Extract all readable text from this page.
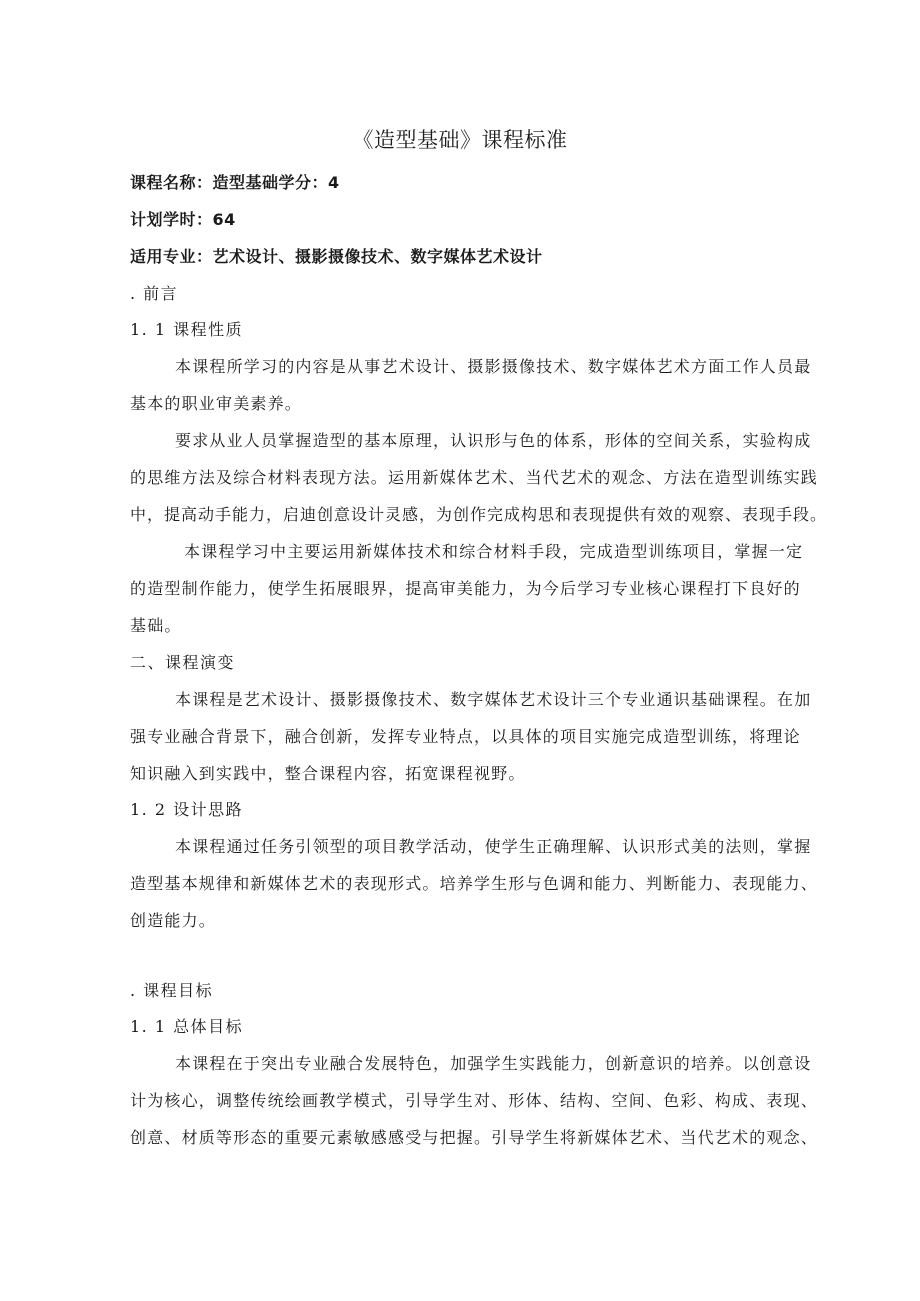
《造型基础》课程标准
课程名称：造型基础学分：4
计划学时：64
适用专业：艺术设计、摄影摄像技术、数字媒体艺术设计
. 前言
1. 1 课程性质
本课程所学习的内容是从事艺术设计、摄影摄像技术、数字媒体艺术方面工作人员最
基本的职业审美素养。
要求从业人员掌握造型的基本原理，认识形与色的体系，形体的空间关系，实验构成
的思维方法及综合材料表现方法。运用新媒体艺术、当代艺术的观念、方法在造型训练实践
中，提高动手能力，启迪创意设计灵感，为创作完成构思和表现提供有效的观察、表现手段。
本课程学习中主要运用新媒体技术和综合材料手段，完成造型训练项目，掌握一定
的造型制作能力，使学生拓展眼界，提高审美能力，为今后学习专业核心课程打下良好的
基础。
二、课程演变
本课程是艺术设计、摄影摄像技术、数字媒体艺术设计三个专业通识基础课程。在加
强专业融合背景下，融合创新，发挥专业特点，以具体的项目实施完成造型训练，将理论
知识融入到实践中，整合课程内容，拓宽课程视野。
1. 2 设计思路
本课程通过任务引领型的项目教学活动，使学生正确理解、认识形式美的法则，掌握
造型基本规律和新媒体艺术的表现形式。培养学生形与色调和能力、判断能力、表现能力、
创造能力。
. 课程目标
1. 1 总体目标
本课程在于突出专业融合发展特色，加强学生实践能力，创新意识的培养。以创意设
计为核心，调整传统绘画教学模式，引导学生对、形体、结构、空间、色彩、构成、表现、
创意、材质等形态的重要元素敏感感受与把握。引导学生将新媒体艺术、当代艺术的观念、
